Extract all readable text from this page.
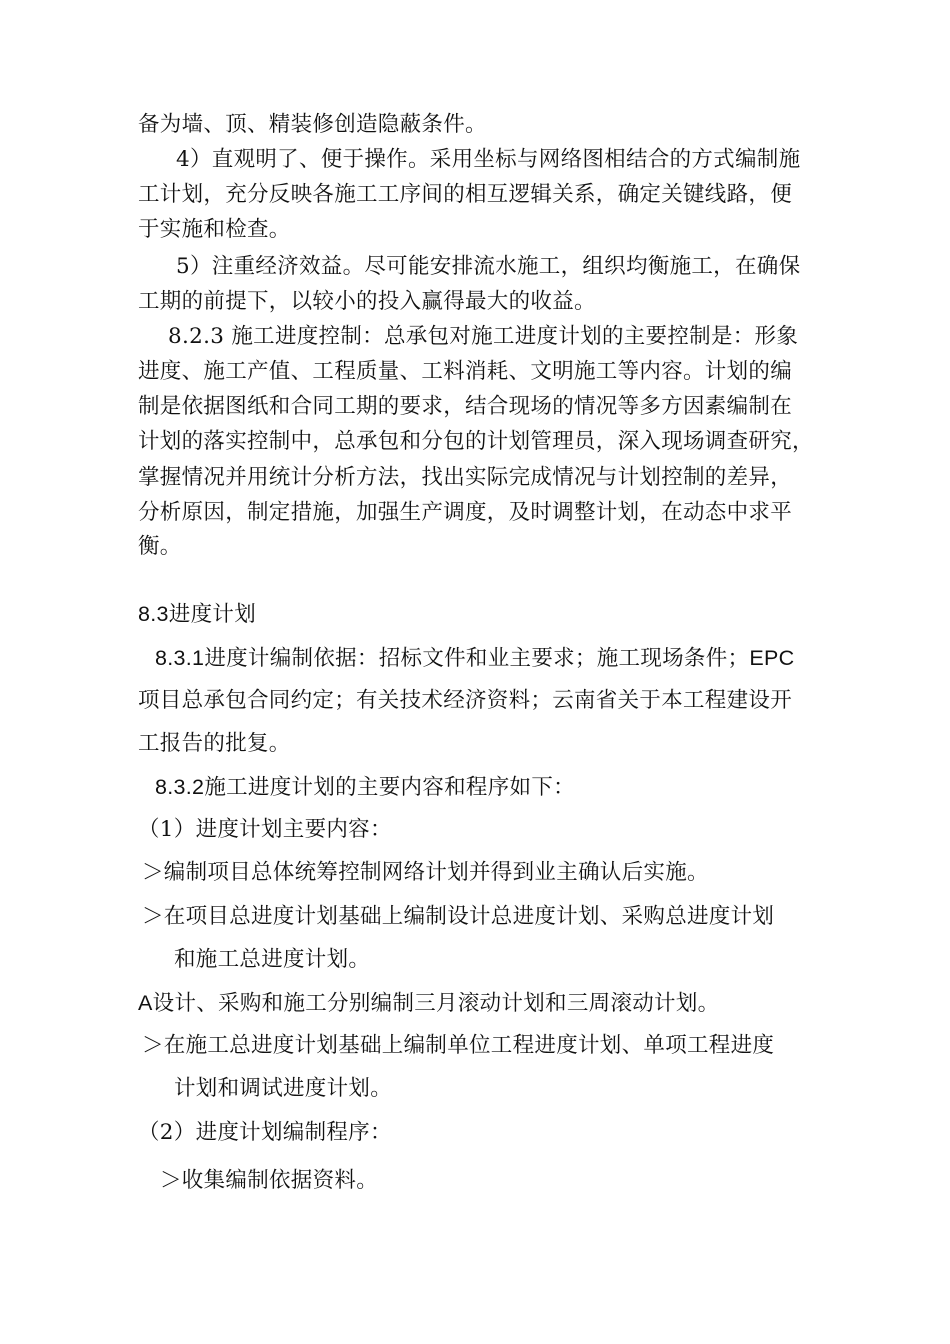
备为墙、顶、精装修创造隐蔽条件。
4）直观明了、便于操作。采用坐标与网络图相结合的方式编制施
工计划，充分反映各施工工序间的相互逻辑关系，确定关键线路，便
于实施和检查。
5）注重经济效益。尽可能安排流水施工，组织均衡施工，在确保
工期的前提下，以较小的投入赢得最大的收益。
8.2.3 施工进度控制：总承包对施工进度计划的主要控制是：形象
进度、施工产值、工程质量、工料消耗、文明施工等内容。计划的编
制是依据图纸和合同工期的要求，结合现场的情况等多方因素编制在
计划的落实控制中，总承包和分包的计划管理员，深入现场调查研究，
掌握情况并用统计分析方法，找出实际完成情况与计划控制的差异，
分析原因，制定措施，加强生产调度，及时调整计划，在动态中求平
衡。
8.3进度计划
8.3.1进度计编制依据：招标文件和业主要求；施工现场条件；EPC
项目总承包合同约定；有关技术经济资料；云南省关于本工程建设开
工报告的批复。
8.3.2施工进度计划的主要内容和程序如下：
（1）进度计划主要内容：
＞编制项目总体统筹控制网络计划并得到业主确认后实施。
＞在项目总进度计划基础上编制设计总进度计划、采购总进度计划
和施工总进度计划。
A设计、采购和施工分别编制三月滚动计划和三周滚动计划。
＞在施工总进度计划基础上编制单位工程进度计划、单项工程进度
计划和调试进度计划。
（2）进度计划编制程序：
＞收集编制依据资料。
